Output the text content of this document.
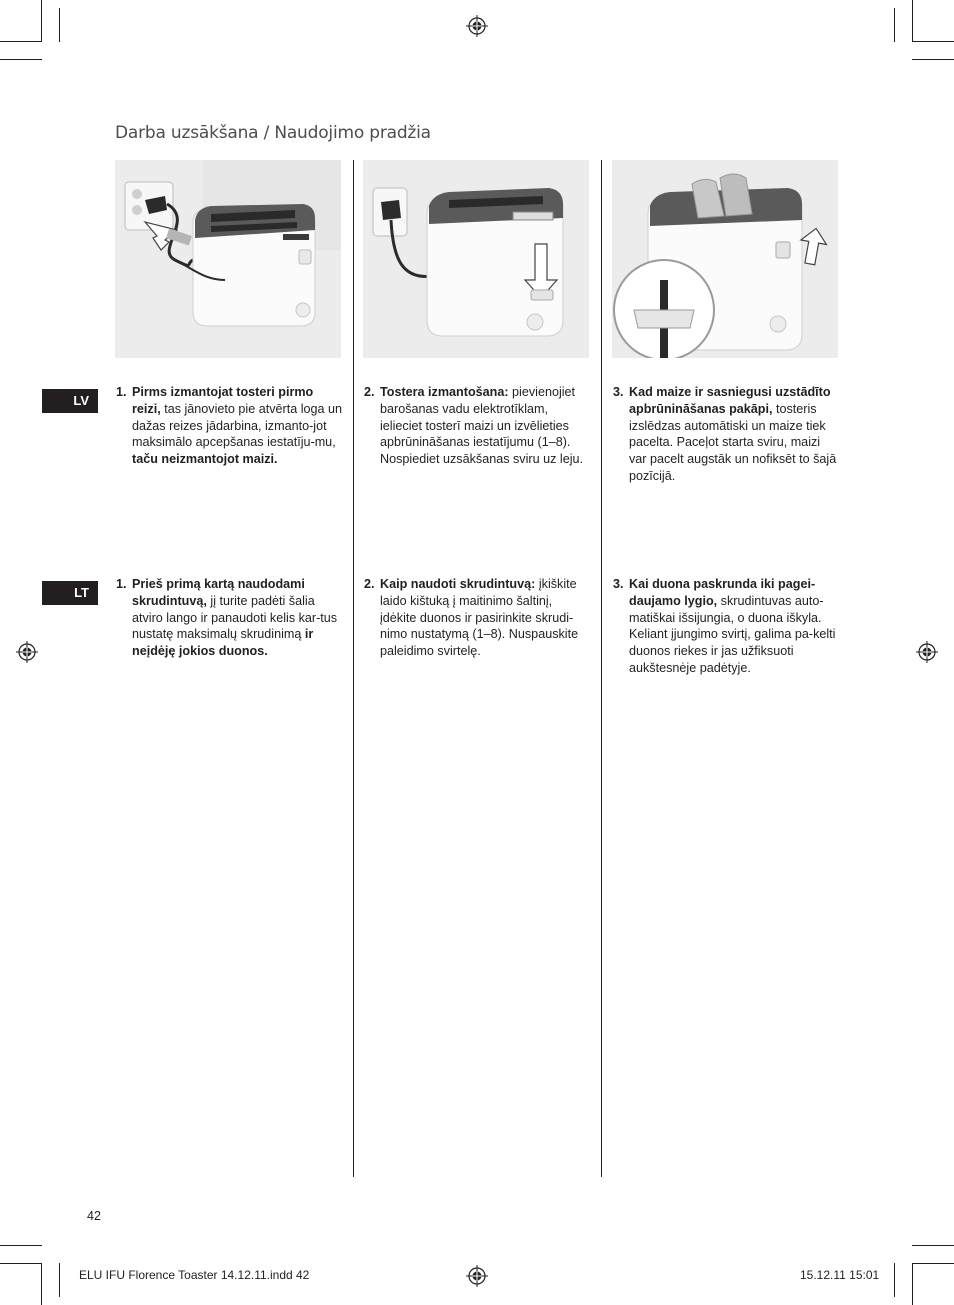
Darba uzsākšana / Naudojimo pradžia
LV
LT
1. Pirms izmantojat tosteri pirmo reizi, tas jānovieto pie atvērta loga un dažas reizes jādarbina, izmanto-jot maksimālo apcepšanas iestatīju-mu, taču neizmantojot maizi.
2. Tostera izmantošana: pievienojiet barošanas vadu elektrotīklam, ielieciet tosterī maizi un izvēlieties apbrūnināšanas iestatījumu (1–8). Nospiediet uzsākšanas sviru uz leju.
3. Kad maize ir sasniegusi uzstādīto apbrūnināšanas pakāpi, tosteris izslēdzas automātiski un maize tiek pacelta. Paceļot starta sviru, maizi var pacelt augstāk un nofiksēt to šajā pozīcijā.
1. Prieš primą kartą naudodami skrudintuvą, jį turite padėti šalia atviro lango ir panaudoti kelis kar-tus nustatę maksimalų skrudinimą ir neįdėję jokios duonos.
2. Kaip naudoti skrudintuvą: įkiškite laido kištuką į maitinimo šaltinį, įdėkite duonos ir pasirinkite skrudi-nimo nustatymą (1–8). Nuspauskite paleidimo svirtelę.
3. Kai duona paskrunda iki pagei-daujamo lygio, skrudintuvas auto-matiškai išsijungia, o duona iškyla. Keliant įjungimo svirtį, galima pa-kelti duonos riekes ir jas užfiksuoti aukštesnėje padėtyje.
42
ELU IFU Florence Toaster 14.12.11.indd 42	15.12.11 15:01
